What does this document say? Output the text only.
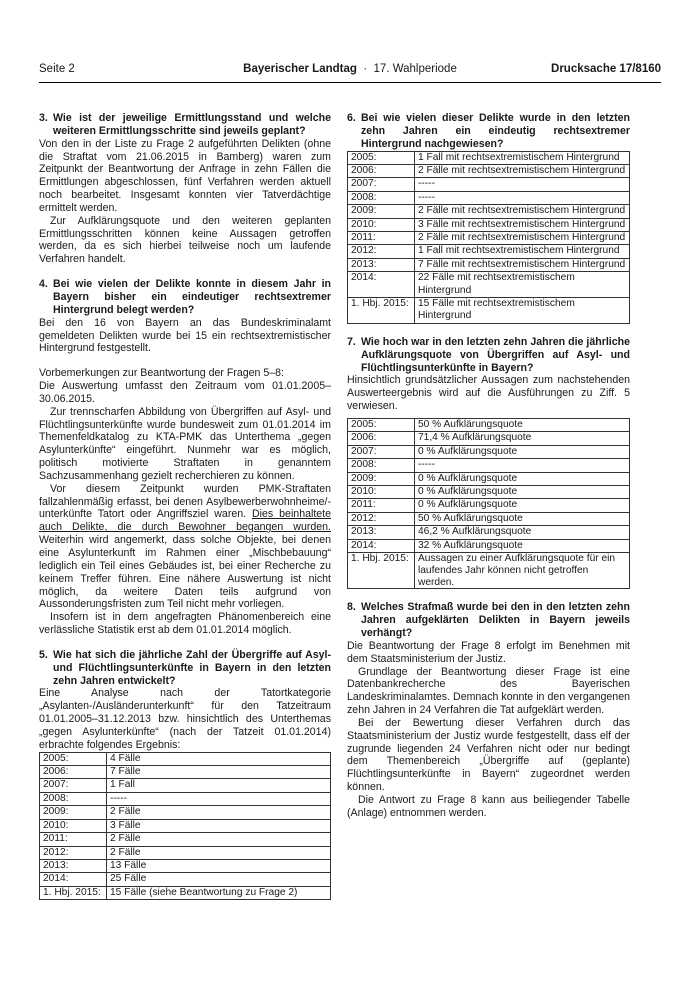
Seite 2	Bayerischer Landtag · 17. Wahlperiode	Drucksache 17/8160

3. Wie ist der jeweilige Ermittlungsstand und welche weiteren Ermittlungsschritte sind jeweils geplant?

Von den in der Liste zu Frage 2 aufgeführten Delikten (ohne die Straftat vom 21.06.2015 in Bamberg) waren zum Zeitpunkt der Beantwortung der Anfrage in zehn Fällen die Ermittlungen abgeschlossen, fünf Verfahren werden aktuell noch bearbeitet. Insgesamt konnten vier Tatverdächtige ermittelt werden.

Zur Aufklärungsquote und den weiteren geplanten Ermittlungsschritten können keine Aussagen getroffen werden, da es sich hierbei teilweise noch um laufende Verfahren handelt.

4. Bei wie vielen der Delikte konnte in diesem Jahr in Bayern bisher ein eindeutiger rechtsextremer Hintergrund belegt werden?

Bei den 16 von Bayern an das Bundeskriminalamt gemeldeten Delikten wurde bei 15 ein rechtsextremistischer Hintergrund festgestellt.

Vorbemerkungen zur Beantwortung der Fragen 5–8:

Die Auswertung umfasst den Zeitraum vom 01.01.2005–30.06.2015.

Zur trennscharfen Abbildung von Übergriffen auf Asyl- und Flüchtlingsunterkünfte wurde bundesweit zum 01.01.2014 im Themenfeldkatalog zu KTA-PMK das Unterthema „gegen Asylunterkünfte“ eingeführt. Nunmehr war es möglich, politisch motivierte Straftaten in genanntem Sachzusammenhang gezielt recherchieren zu können.

Vor diesem Zeitpunkt wurden PMK-Straftaten fallzahlenmäßig erfasst, bei denen Asylbewerberwohnheime/-unterkünfte Tatort oder Angriffsziel waren. Dies beinhaltete auch Delikte, die durch Bewohner begangen wurden. Weiterhin wird angemerkt, dass solche Objekte, bei denen eine Asylunterkunft im Rahmen einer „Mischbebauung“ lediglich ein Teil eines Gebäudes ist, bei einer Recherche zu keinem Treffer führen. Eine nähere Auswertung ist nicht möglich, da weitere Daten teils aufgrund von Aussonderungsfristen zum Teil nicht mehr vorliegen.

Insofern ist in dem angefragten Phänomenbereich eine verlässliche Statistik erst ab dem 01.01.2014 möglich.

5. Wie hat sich die jährliche Zahl der Übergriffe auf Asyl- und Flüchtlingsunterkünfte in Bayern in den letzten zehn Jahren entwickelt?

Eine Analyse nach der Tatortkategorie „Asylanten-/Ausländerunterkunft“ für den Tatzeitraum 01.01.2005–31.12.2013 bzw. hinsichtlich des Unterthemas „gegen Asylunterkünfte“ (nach der Tatzeit 01.01.2014) erbrachte folgendes Ergebnis:

2005:	4 Fälle
2006:	7 Fälle
2007:	1 Fall
2008:	-----
2009:	2 Fälle
2010:	3 Fälle
2011:	2 Fälle
2012:	2 Fälle
2013:	13 Fälle
2014:	25 Fälle
1. Hbj. 2015:	15 Fälle (siehe Beantwortung zu Frage 2)

6. Bei wie vielen dieser Delikte wurde in den letzten zehn Jahren ein eindeutig rechtsextremer Hintergrund nachgewiesen?

2005:	1 Fall mit rechtsextremistischem Hintergrund
2006:	2 Fälle mit rechtsextremistischem Hintergrund
2007:	-----
2008:	-----
2009:	2 Fälle mit rechtsextremistischem Hintergrund
2010:	3 Fälle mit rechtsextremistischem Hintergrund
2011:	2 Fälle mit rechtsextremistischem Hintergrund
2012:	1 Fall mit rechtsextremistischem Hintergrund
2013:	7 Fälle mit rechtsextremistischem Hintergrund
2014:	22 Fälle mit rechtsextremistischem Hintergrund
1. Hbj. 2015:	15 Fälle mit rechtsextremistischem Hintergrund

7. Wie hoch war in den letzten zehn Jahren die jährliche Aufklärungsquote von Übergriffen auf Asyl- und Flüchtlingsunterkünfte in Bayern?

Hinsichtlich grundsätzlicher Aussagen zum nachstehenden Auswerteergebnis wird auf die Ausführungen zu Ziff. 5 verwiesen.

2005:	50 % Aufklärungsquote
2006:	71,4 % Aufklärungsquote
2007:	0 % Aufklärungsquote
2008:	-----
2009:	0 % Aufklärungsquote
2010:	0 % Aufklärungsquote
2011:	0 % Aufklärungsquote
2012:	50 % Aufklärungsquote
2013:	46,2 % Aufklärungsquote
2014:	32 % Aufklärungsquote
1. Hbj. 2015:	Aussagen zu einer Aufklärungsquote für ein laufendes Jahr können nicht getroffen werden.

8. Welches Strafmaß wurde bei den in den letzten zehn Jahren aufgeklärten Delikten in Bayern jeweils verhängt?

Die Beantwortung der Frage 8 erfolgt im Benehmen mit dem Staatsministerium der Justiz.

Grundlage der Beantwortung dieser Frage ist eine Datenbankrecherche des Bayerischen Landeskriminalamtes. Demnach konnte in den vergangenen zehn Jahren in 24 Verfahren die Tat aufgeklärt werden.

Bei der Bewertung dieser Verfahren durch das Staatsministerium der Justiz wurde festgestellt, dass elf der zugrunde liegenden 24 Verfahren nicht oder nur bedingt dem Themenbereich „Übergriffe auf (geplante) Flüchtlingsunterkünfte in Bayern“ zugeordnet werden können.

Die Antwort zu Frage 8 kann aus beiliegender Tabelle (Anlage) entnommen werden.
